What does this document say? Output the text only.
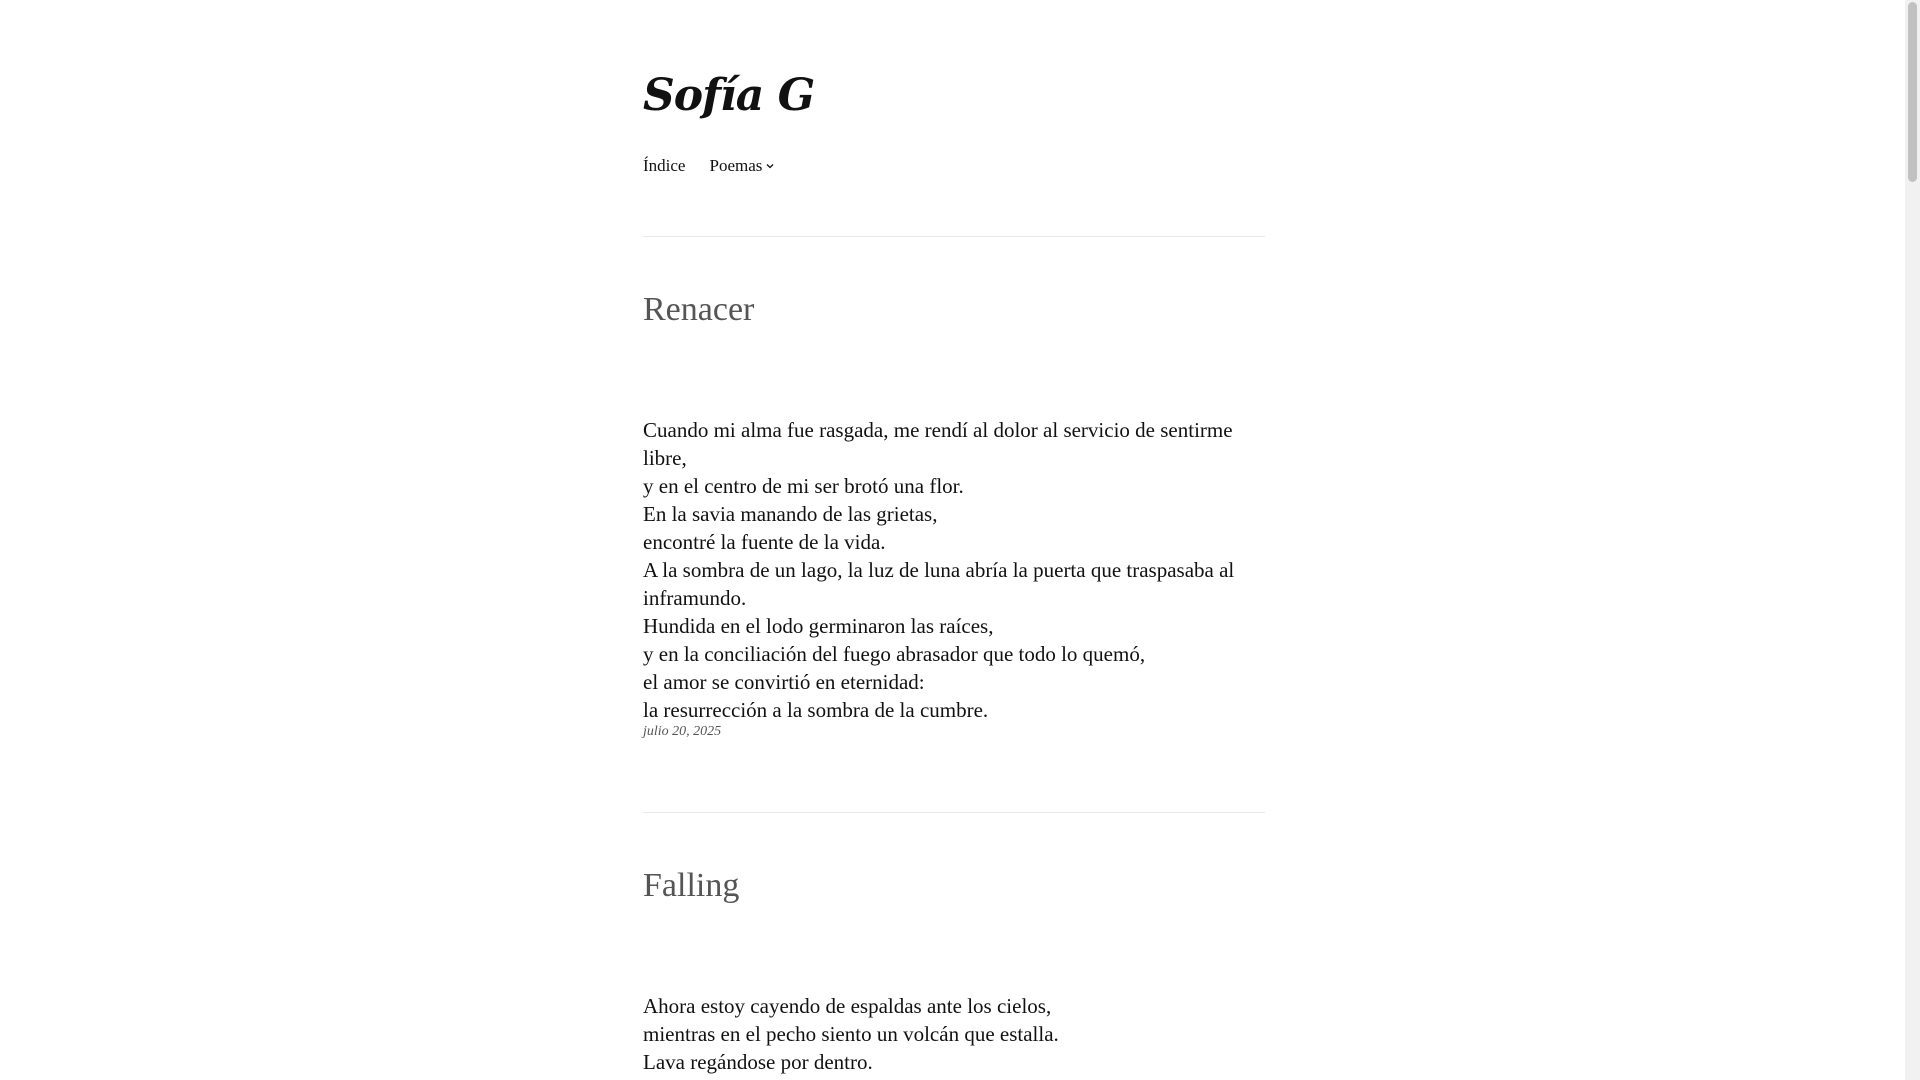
Sofía G
Índice Poemas
Renacer
Cuando mi alma fue rasgada, me rendí al dolor al servicio de sentirme libre,
y en el centro de mi ser brotó una flor.
En la savia manando de las grietas,
encontré la fuente de la vida.
A la sombra de un lago, la luz de luna abría la puerta que traspasaba al
inframundo.
Hundida en el lodo germinaron las raíces,
y en la conciliación del fuego abrasador que todo lo quemó,
el amor se convirtió en eternidad:
la resurrección a la sombra de la cumbre.
julio 20, 2025
Falling
Ahora estoy cayendo de espaldas ante los cielos,
mientras en el pecho siento un volcán que estalla.
Lava regándose por dentro.
